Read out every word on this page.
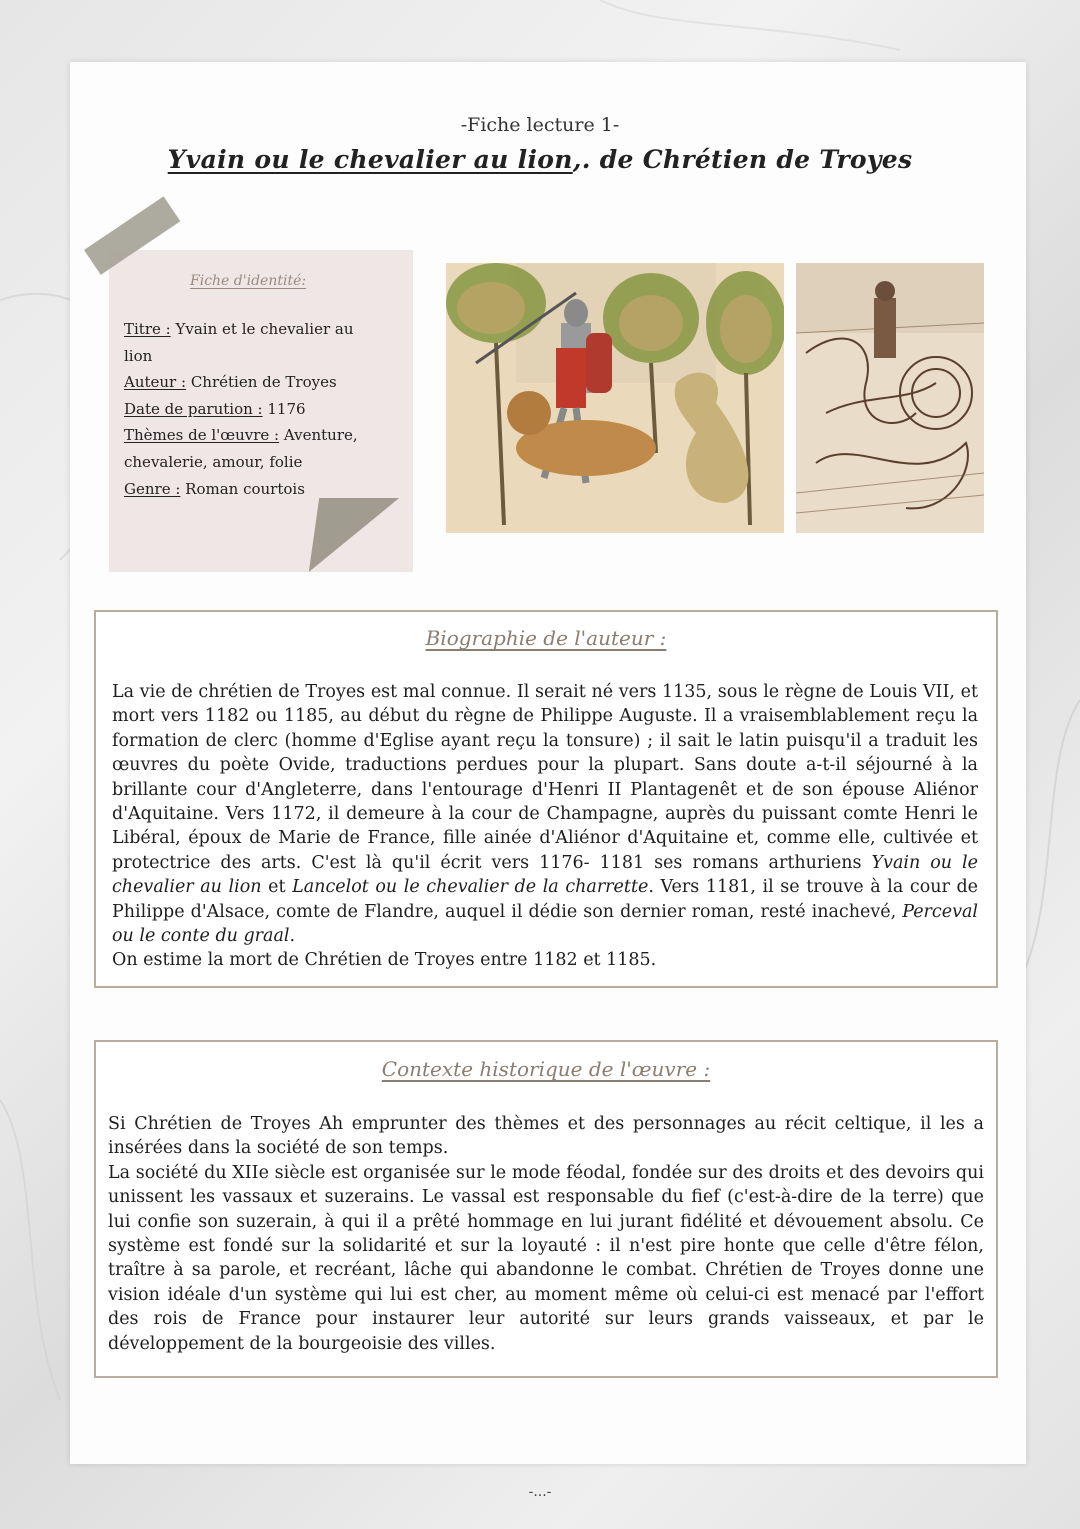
-Fiche lecture 1-
Yvain ou le chevalier au lion,. de Chrétien de Troyes
Fiche d'identité:
Titre : Yvain et le chevalier au lion
Auteur : Chrétien de Troyes
Date de parution : 1176
Thèmes de l'œuvre : Aventure, chevalerie, amour, folie
Genre : Roman courtois
Biographie de l'auteur :

La vie de chrétien de Troyes est mal connue. Il serait né vers 1135, sous le règne de Louis VII, et mort vers 1182 ou 1185, au début du règne de Philippe Auguste. Il a vraisemblablement reçu la formation de clerc (homme d'Eglise ayant reçu la tonsure) ; il sait le latin puisqu'il a traduit les œuvres du poète Ovide, traductions perdues pour la plupart. Sans doute a-t-il séjourné à la brillante cour d'Angleterre, dans l'entourage d'Henri II Plantagenêt et de son épouse Aliénor d'Aquitaine. Vers 1172, il demeure à la cour de Champagne, auprès du puissant comte Henri le Libéral, époux de Marie de France, fille ainée d'Aliénor d'Aquitaine et, comme elle, cultivée et protectrice des arts. C'est là qu'il écrit vers 1176- 1181 ses romans arthuriens Yvain ou le chevalier au lion et Lancelot ou le chevalier de la charrette. Vers 1181, il se trouve à la cour de Philippe d'Alsace, comte de Flandre, auquel il dédie son dernier roman, resté inachevé, Perceval ou le conte du graal.

On estime la mort de Chrétien de Troyes entre 1182 et 1185.

Contexte historique de l'œuvre :

Si Chrétien de Troyes Ah emprunter des thèmes et des personnages au récit celtique, il les a insérées dans la société de son temps.

La société du XIIe siècle est organisée sur le mode féodal, fondée sur des droits et des devoirs qui unissent les vassaux et suzerains. Le vassal est responsable du fief (c'est-à-dire de la terre) que lui confie son suzerain, à qui il a prêté hommage en lui jurant fidélité et dévouement absolu. Ce système est fondé sur la solidarité et sur la loyauté : il n'est pire honte que celle d'être félon, traître à sa parole, et recréant, lâche qui abandonne le combat. Chrétien de Troyes donne une vision idéale d'un système qui lui est cher, au moment même où celui-ci est menacé par l'effort des rois de France pour instaurer leur autorité sur leurs grands vaisseaux, et par le développement de la bourgeoisie des villes.

-...-
